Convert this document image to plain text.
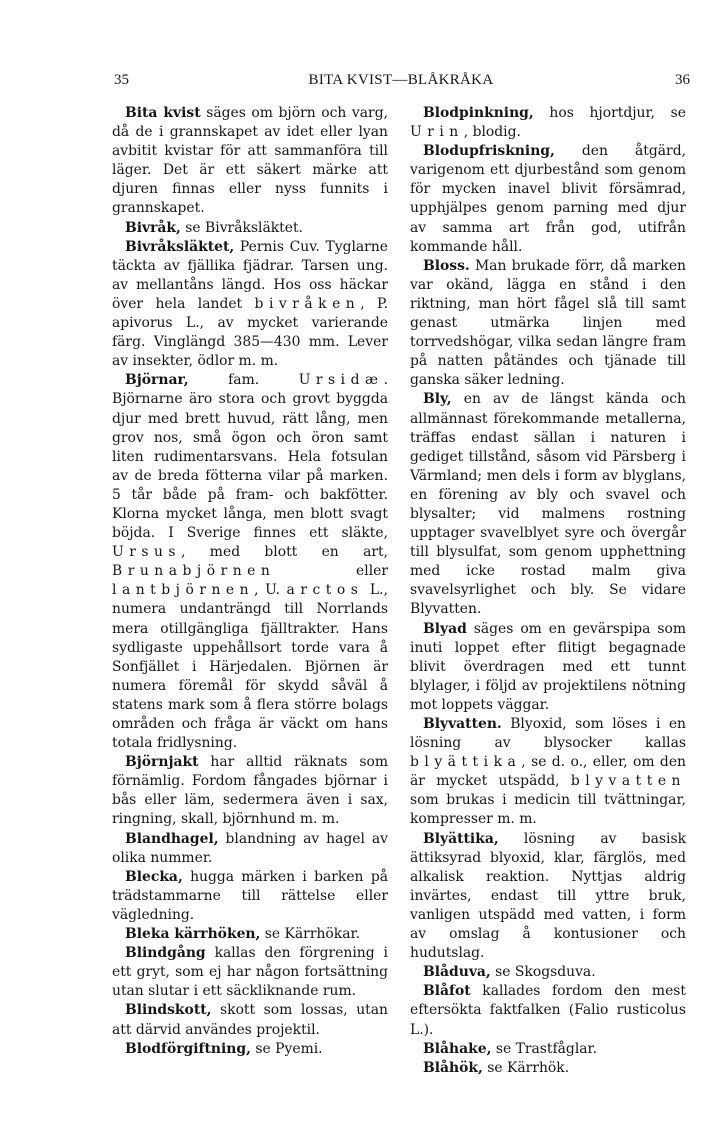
35	BITA KVIST—BLÅKRÅKA	36

Bita kvist säges om björn och varg, då de i grannskapet av idet eller lyan avbitit kvistar för att sammanföra till läger. Det är ett säkert märke att djuren finnas eller nyss funnits i grannskapet.

Bivråk, se Bivråksläktet.

Bivråksläktet, Pernis Cuv. Tyglarne täckta av fjällika fjädrar. Tarsen ung. av mellantåns längd. Hos oss häckar över hela landet bivråken, P. apivorus L., av mycket varierande färg. Vinglängd 385—430 mm. Lever av insekter, ödlor m. m.

Björnar, fam. Ursidæ. Björnarne äro stora och grovt byggda djur med brett huvud, rätt lång, men grov nos, små ögon och öron samt liten rudimentarsvans. Hela fotsulan av de breda fötterna vilar på marken. 5 tår både på fram- och bakfötter. Klorna mycket långa, men blott svagt böjda. I Sverige finnes ett släkte, Ursus, med blott en art, Brunabjörnen eller lantbjörnen, U. arctos L., numera undanträngd till Norrlands mera otillgängliga fjälltrakter. Hans sydligaste uppehållsort torde vara å Sonfjället i Härjedalen. Björnen är numera föremål för skydd såväl å statens mark som å flera större bolags områden och fråga är väckt om hans totala fridlysning.

Björnjakt har alltid räknats som förnämlig. Fordom fångades björnar i bås eller läm, sedermera även i sax, ringning, skall, björnhund m. m.

Blandhagel, blandning av hagel av olika nummer.

Blecka, hugga märken i barken på trädstammarne till rättelse eller vägledning.

Bleka kärrhöken, se Kärrhökar.

Blindgång kallas den förgrening i ett gryt, som ej har någon fortsättning utan slutar i ett säckliknande rum.

Blindskott, skott som lossas, utan att därvid användes projektil.

Blodförgiftning, se Pyemi.

Blodpinkning, hos hjortdjur, se Urin, blodig.

Blodupfriskning, den åtgärd, varigenom ett djurbestånd som genom för mycken inavel blivit försämrad, upphjälpes genom parning med djur av samma art från god, utifrån kommande håll.

Bloss. Man brukade förr, då marken var okänd, lägga en stånd i den riktning, man hört fågel slå till samt genast utmärka linjen med torrvedshögar, vilka sedan längre fram på natten påtändes och tjänade till ganska säker ledning.

Bly, en av de längst kända och allmännast förekommande metallerna, träffas endast sällan i naturen i gediget tillstånd, såsom vid Pärsberg i Värmland; men dels i form av blyglans, en förening av bly och svavel och blysalter; vid malmens rostning upptager svavelblyet syre och övergår till blysulfat, som genom upphettning med icke rostad malm giva svavelsyrlighet och bly. Se vidare Blyvatten.

Blyad säges om en gevärspipa som inuti loppet efter flitigt begagnade blivit överdragen med ett tunnt blylager, i följd av projektilens nötning mot loppets väggar.

Blyvatten. Blyoxid, som löses i en lösning av blysocker kallas blyättika, se d. o., eller, om den är mycket utspädd, blyvatten som brukas i medicin till tvättningar, kompresser m. m.

Blyättika, lösning av basisk ättiksyrad blyoxid, klar, färglös, med alkalisk reaktion. Nyttjas aldrig invärtes, endast till yttre bruk, vanligen utspädd med vatten, i form av omslag å kontusioner och hudutslag.

Blåduva, se Skogsduva.

Blåfot kallades fordom den mest eftersökta faktfalken (Falio rusticolus L.).

Blåhake, se Trastfåglar.

Blåhök, se Kärrhök.
